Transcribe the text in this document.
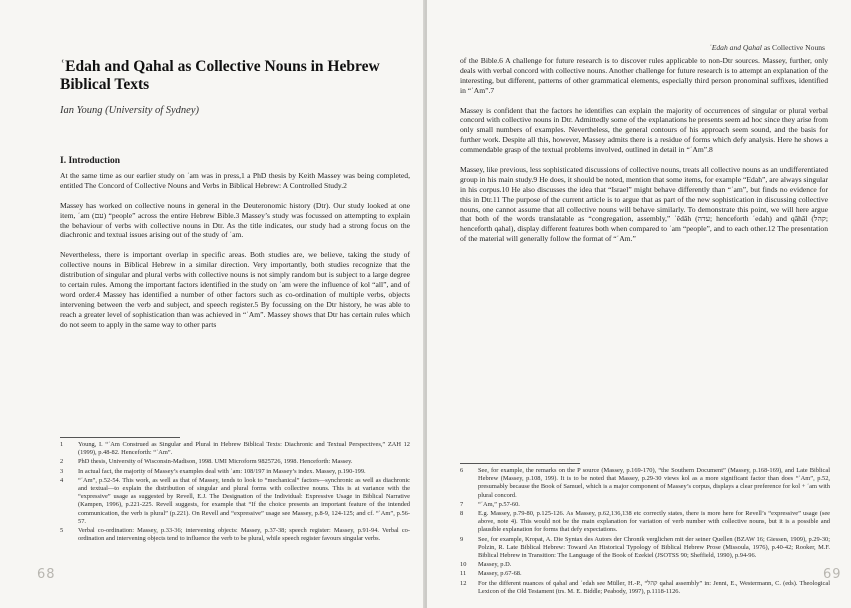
ʿEdah and Qahal as Collective Nouns in Hebrew Biblical Texts
Ian Young (University of Sydney)
I. Introduction

At the same time as our earlier study on ʿam was in press,1 a PhD thesis by Keith Massey was being completed, entitled The Concord of Collective Nouns and Verbs in Biblical Hebrew: A Controlled Study.2

Massey has worked on collective nouns in general in the Deuteronomic history (Dtr). Our study looked at one item, ʿam (עם) “people” across the entire Hebrew Bible.3 Massey’s study was focussed on attempting to explain the behaviour of verbs with collective nouns in Dtr. As the title indicates, our study had a strong focus on the diachronic and textual issues arising out of the study of ʿam.

Nevertheless, there is important overlap in specific areas. Both studies are, we believe, taking the study of collective nouns in Biblical Hebrew in a similar direction. Very importantly, both studies recognize that the distribution of singular and plural verbs with collective nouns is not simply random but is subject to a large degree to certain rules. Among the important factors identified in the study on ʿam were the influence of kol “all”, and of word order.4 Massey has identified a number of other factors such as co-ordination of multiple verbs, objects intervening between the verb and subject, and speech register.5 By focussing on the Dtr history, he was able to reach a greater level of sophistication than was achieved in “ʿAm”. Massey shows that Dtr has certain rules which do not seem to apply in the same way to other parts

1	Young, I. “ʿAm Construed as Singular and Plural in Hebrew Biblical Texts: Diachronic and Textual Perspectives,” ZAH 12 (1999), p.48-82. Henceforth: “ʿAm”.
2	PhD thesis, University of Wisconsin-Madison, 1998. UMI Microform 9825726, 1998. Henceforth: Massey.
3	In actual fact, the majority of Massey’s examples deal with ʿam: 108/197 in Massey’s index. Massey, p.190-199.
4	“ʿAm”, p.52-54. This work, as well as that of Massey, tends to look to “mechanical” factors—synchronic as well as diachronic and textual—to explain the distribution of singular and plural forms with collective nouns. This is at variance with the “expressive” usage as suggested by Revell, E.J. The Designation of the Individual: Expressive Usage in Biblical Narrative (Kampen, 1996), p.221-225. Revell suggests, for example that “If the choice presents an important feature of the intended communication, the verb is plural” (p.221). On Revell and “expressive” usage see Massey, p.8-9, 124-125; and cf. “ʿAm”, p.56-57.
5	Verbal co-ordination: Massey, p.33-36; intervening objects: Massey, p.37-38; speech register: Massey, p.91-94. Verbal co-ordination and intervening objects tend to influence the verb to be plural, while speech register favours singular verbs.
68
ʿEdah and Qahal as Collective Nouns

of the Bible.6 A challenge for future research is to discover rules applicable to non-Dtr sources. Massey, further, only deals with verbal concord with collective nouns. Another challenge for future research is to attempt an explanation of the interesting, but different, patterns of other grammatical elements, especially third person pronominal suffixes, identified in “ʿAm”.7

Massey is confident that the factors he identifies can explain the majority of occurrences of singular or plural verbal concord with collective nouns in Dtr. Admittedly some of the explanations he presents seem ad hoc since they arise from only small numbers of examples. Nevertheless, the general contours of his approach seem sound, and the basis for further work. Despite all this, however, Massey admits there is a residue of forms which defy analysis. Here he shows a commendable grasp of the textual problems involved, outlined in detail in “ʿAm”.8

Massey, like previous, less sophisticated discussions of collective nouns, treats all collective nouns as an undifferentiated group in his main study.9 He does, it should be noted, mention that some items, for example “Edah”, are always singular in his corpus.10 He also discusses the idea that “Israel” might behave differently than “ʿam”, but finds no evidence for this in Dtr.11 The purpose of the current article is to argue that as part of the new sophistication in discussing collective nouns, one cannot assume that all collective nouns will behave similarly. To demonstrate this point, we will here argue that both of the words translatable as “congregation, assembly,” ʿēdâh (עדה; henceforth ʿedah) and qāhāl (קהל; henceforth qahal), display different features both when compared to ʿam “people”, and to each other.12 The presentation of the material will generally follow the format of “ʿAm.”

6	See, for example, the remarks on the P source (Massey, p.169-170), “the Southern Document” (Massey, p.168-169), and Late Biblical Hebrew (Massey, p.108, 199). It is to be noted that Massey, p.29-30 views kol as a more significant factor than does “ʿAm”, p.52, presumably because the Book of Samuel, which is a major component of Massey’s corpus, displays a clear preference for kol + ʿam with plural concord.
7	“ʿAm,” p.57-60.
8	E.g. Massey, p.79-80, p.125-126. As Massey, p.62,136,138 etc correctly states, there is more here for Revell’s “expressive” usage (see above, note 4). This would not be the main explanation for variation of verb number with collective nouns, but it is a possible and plausible explanation for forms that defy expectations.
9	See, for example, Kropat, A. Die Syntax des Autors der Chronik verglichen mit der seiner Quellen (BZAW 16; Giessen, 1909), p.29-30; Polzin, R. Late Biblical Hebrew: Toward An Historical Typology of Biblical Hebrew Prose (Missoula, 1976), p.40-42; Rooker, M.F. Biblical Hebrew in Transition: The Language of the Book of Ezekiel (JSOTSS 90; Sheffield, 1990), p.94-96.
10	Massey, p.D.
11	Massey, p.67-68.
12	For the different nuances of qahal and ʿedah see Müller, H.-P., “קהל qahal assembly” in: Jenni, E., Westermann, C. (eds). Theological Lexicon of the Old Testament (trs. M. E. Biddle; Peabody, 1997), p.1118-1126.
69
